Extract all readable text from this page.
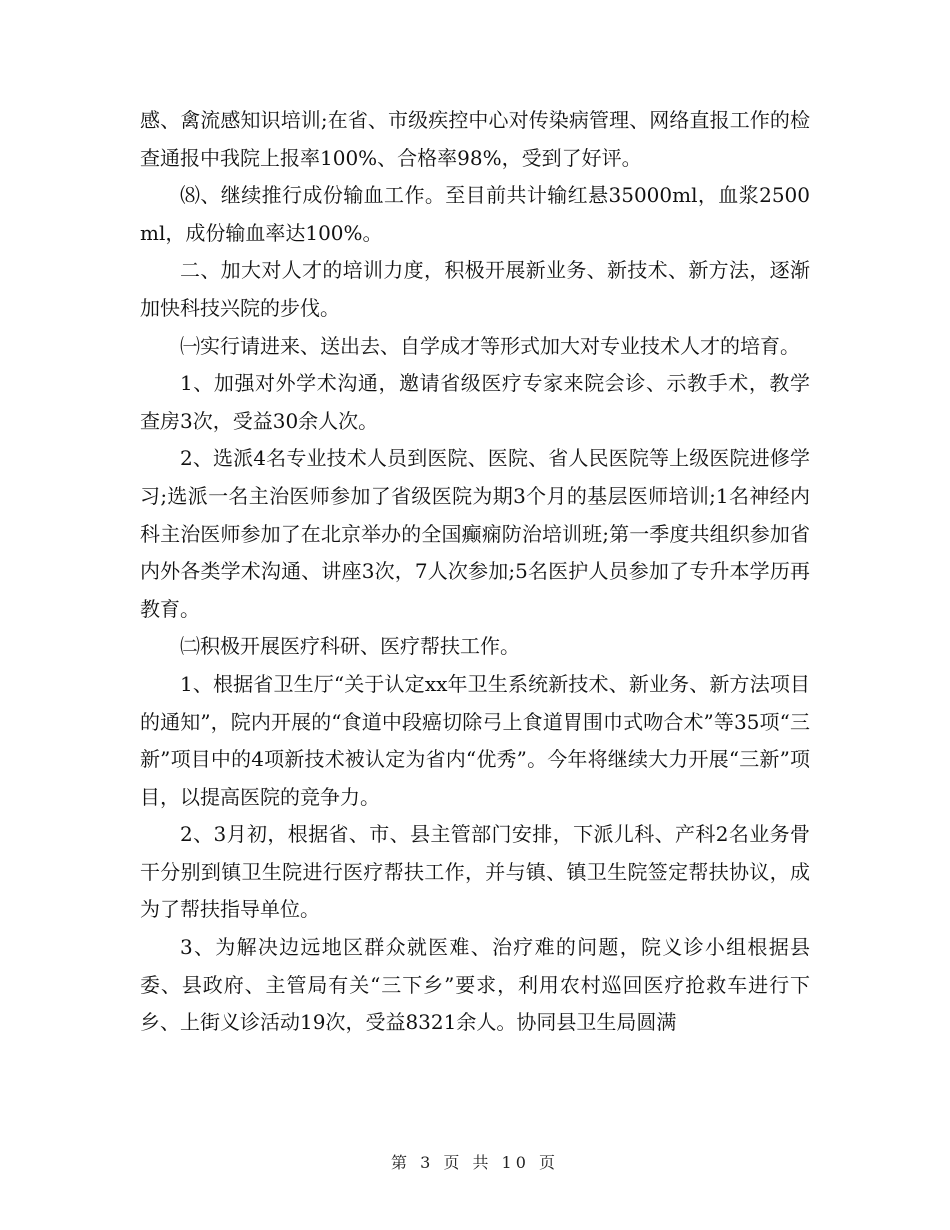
感、禽流感知识培训;在省、市级疾控中心对传染病管理、网络直报工作的检查通报中我院上报率100%、合格率98%，受到了好评。

⑻、继续推行成份输血工作。至目前共计输红悬35000ml，血浆2500ml，成份输血率达100%。

二、加大对人才的培训力度，积极开展新业务、新技术、新方法，逐渐加快科技兴院的步伐。

㈠实行请进来、送出去、自学成才等形式加大对专业技术人才的培育。

1、加强对外学术沟通，邀请省级医疗专家来院会诊、示教手术，教学查房3次，受益30余人次。

2、选派4名专业技术人员到医院、医院、省人民医院等上级医院进修学习;选派一名主治医师参加了省级医院为期3个月的基层医师培训;1名神经内科主治医师参加了在北京举办的全国癫痫防治培训班;第一季度共组织参加省内外各类学术沟通、讲座3次，7人次参加;5名医护人员参加了专升本学历再教育。

㈡积极开展医疗科研、医疗帮扶工作。

1、根据省卫生厅“关于认定xx年卫生系统新技术、新业务、新方法项目的通知”，院内开展的“食道中段癌切除弓上食道胃围巾式吻合术”等35项“三新”项目中的4项新技术被认定为省内“优秀”。今年将继续大力开展“三新”项目，以提高医院的竞争力。

2、3月初，根据省、市、县主管部门安排，下派儿科、产科2名业务骨干分别到镇卫生院进行医疗帮扶工作，并与镇、镇卫生院签定帮扶协议，成为了帮扶指导单位。

3、为解决边远地区群众就医难、治疗难的问题，院义诊小组根据县委、县政府、主管局有关“三下乡”要求，利用农村巡回医疗抢救车进行下乡、上街义诊活动19次，受益8321余人。协同县卫生局圆满

第 3 页 共 10 页
